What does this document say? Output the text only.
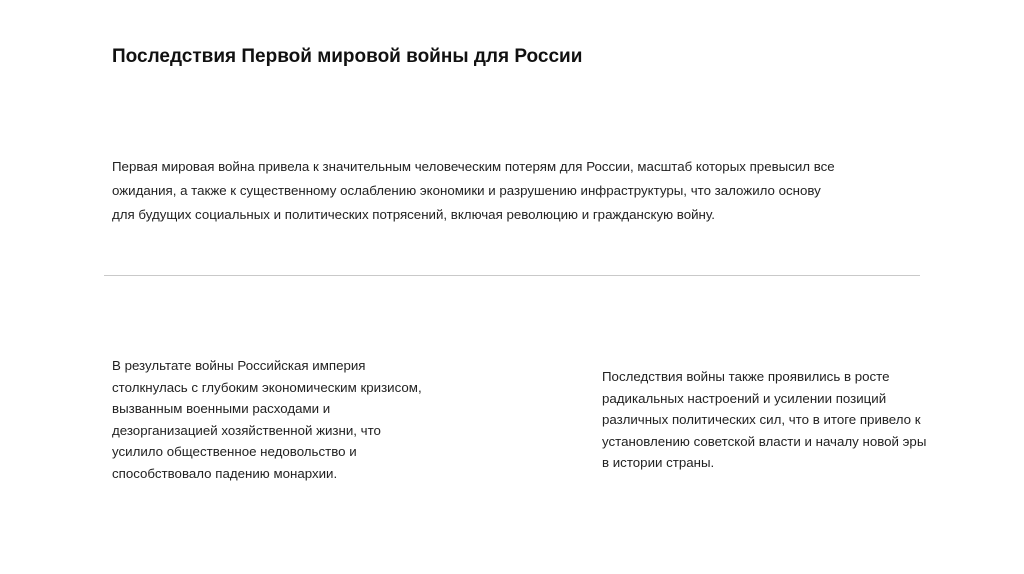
Последствия Первой мировой войны для России

Первая мировая война привела к значительным человеческим потерям для России, масштаб которых превысил все
ожидания, а также к существенному ослаблению экономики и разрушению инфраструктуры, что заложило основу
для будущих социальных и политических потрясений, включая революцию и гражданскую войну.

В результате войны Российская империя
столкнулась с глубоким экономическим кризисом,
вызванным военными расходами и
дезорганизацией хозяйственной жизни, что
усилило общественное недовольство и
способствовало падению монархии.

Последствия войны также проявились в росте
радикальных настроений и усилении позиций
различных политических сил, что в итоге привело к
установлению советской власти и началу новой эры
в истории страны.
